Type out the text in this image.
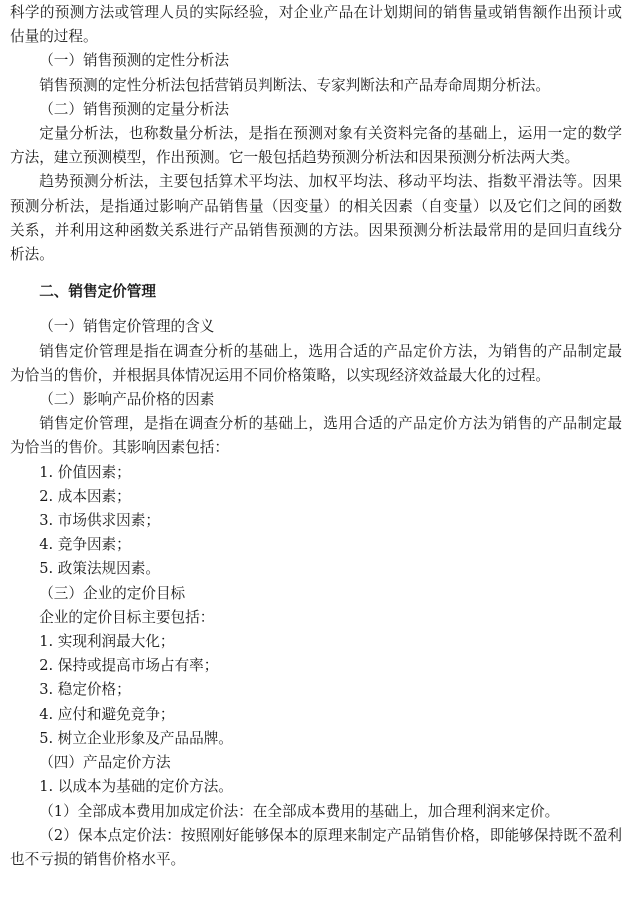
科学的预测方法或管理人员的实际经验，对企业产品在计划期间的销售量或销售额作出预计或估量的过程。

（一）销售预测的定性分析法

销售预测的定性分析法包括营销员判断法、专家判断法和产品寿命周期分析法。

（二）销售预测的定量分析法

定量分析法，也称数量分析法，是指在预测对象有关资料完备的基础上，运用一定的数学方法，建立预测模型，作出预测。它一般包括趋势预测分析法和因果预测分析法两大类。

趋势预测分析法，主要包括算术平均法、加权平均法、移动平均法、指数平滑法等。因果预测分析法，是指通过影响产品销售量（因变量）的相关因素（自变量）以及它们之间的函数关系，并利用这种函数关系进行产品销售预测的方法。因果预测分析法最常用的是回归直线分析法。

二、销售定价管理

（一）销售定价管理的含义

销售定价管理是指在调查分析的基础上，选用合适的产品定价方法，为销售的产品制定最为恰当的售价，并根据具体情况运用不同价格策略，以实现经济效益最大化的过程。

（二）影响产品价格的因素

销售定价管理，是指在调查分析的基础上，选用合适的产品定价方法为销售的产品制定最为恰当的售价。其影响因素包括：

1. 价值因素；

2. 成本因素；

3. 市场供求因素；

4. 竞争因素；

5. 政策法规因素。

（三）企业的定价目标

企业的定价目标主要包括：

1. 实现利润最大化；

2. 保持或提高市场占有率；

3. 稳定价格；

4. 应付和避免竞争；

5. 树立企业形象及产品品牌。

（四）产品定价方法

1. 以成本为基础的定价方法。

（1）全部成本费用加成定价法：在全部成本费用的基础上，加合理利润来定价。

（2）保本点定价法：按照刚好能够保本的原理来制定产品销售价格，即能够保持既不盈利也不亏损的销售价格水平。
